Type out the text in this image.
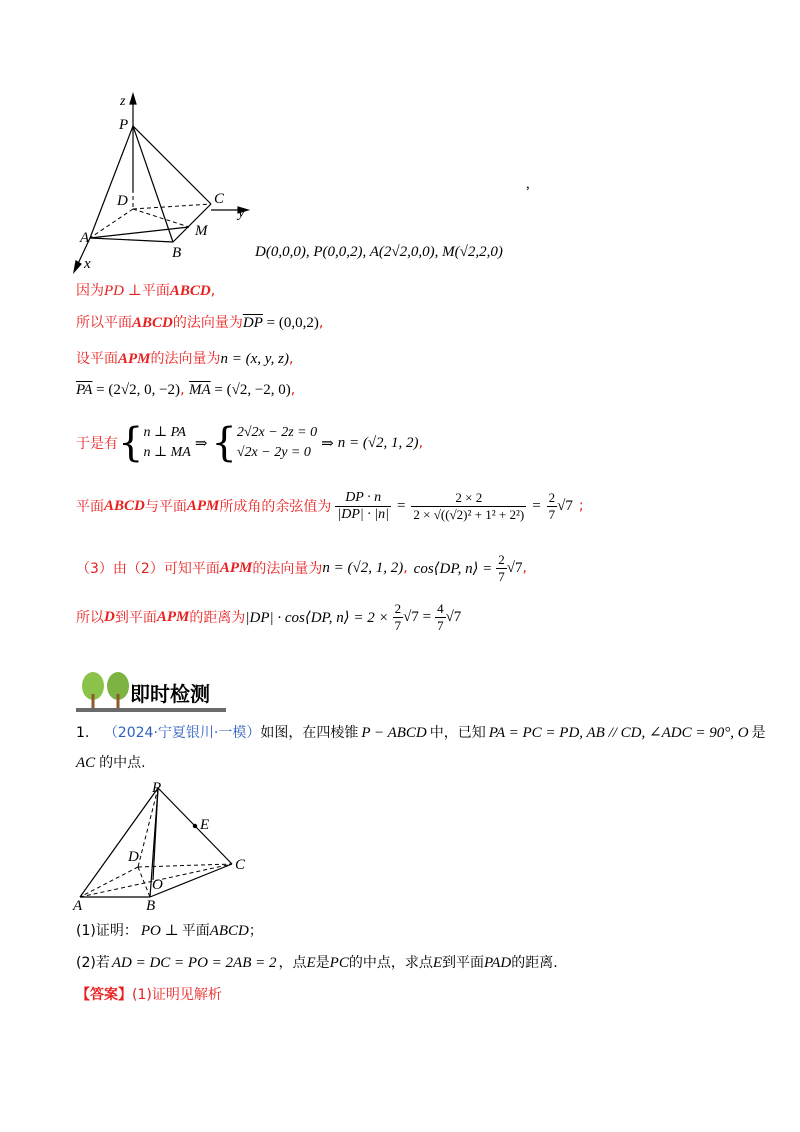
z
P
D	C
y
M
A
B
x
,
D(0,0,0), P(0,0,2), A(2√2,0,0), M(√2,2,0)
因为PD ⊥平面ABCD,
所以平面ABCD的法向量为$\overline{DP} = (0,0,2)$,
设平面APM的法向量为n = (x, y, z),
$\overline{PA} = (2√2$, 0, −2), $\overline{MA} = (√2$, −2, 0),
于是有 { n ⊥ PA
n ⊥ MA
⇒ { 2√2x − 2z = 0
√2x − 2y = 0
⇒ n = (√2, 1, 2) ,
平面 ABCD 与平面 APM 所成角的余弦值为 $\frac{DP \cdot n}{|DP| \cdot |n|} = \frac{2 \times 2}{\text{2 × √((√2)² + 1² + 2²)}} = \frac{2}{7} √7$ ;
（3）由（2）可知平面 APM 的法向量为 n = (√2, 1, 2) , cos⟨DP, n⟩ = $\frac{2}{7} √7$ ,
所以 D 到平面 APM 的距离为 |DP| · cos⟨DP, n⟩ = $2 \times \frac{2}{7} √7 = \frac{4}{7} √7$
即时检测
1. （2024·宁夏银川·一模）如图，在四棱锥 P − ABCD 中，已知 PA = PC = PD, AB // CD, ∠ADC = 90°, O 是
AC 的中点.
P
E
D	C
O
A	B
(1)证明： PO ⊥ 平面ABCD；
(2)若 AD = DC = PO = 2AB = 2 ，点E是PC的中点，求点E到平面PAD的距离.
【答案】(1)证明见解析
